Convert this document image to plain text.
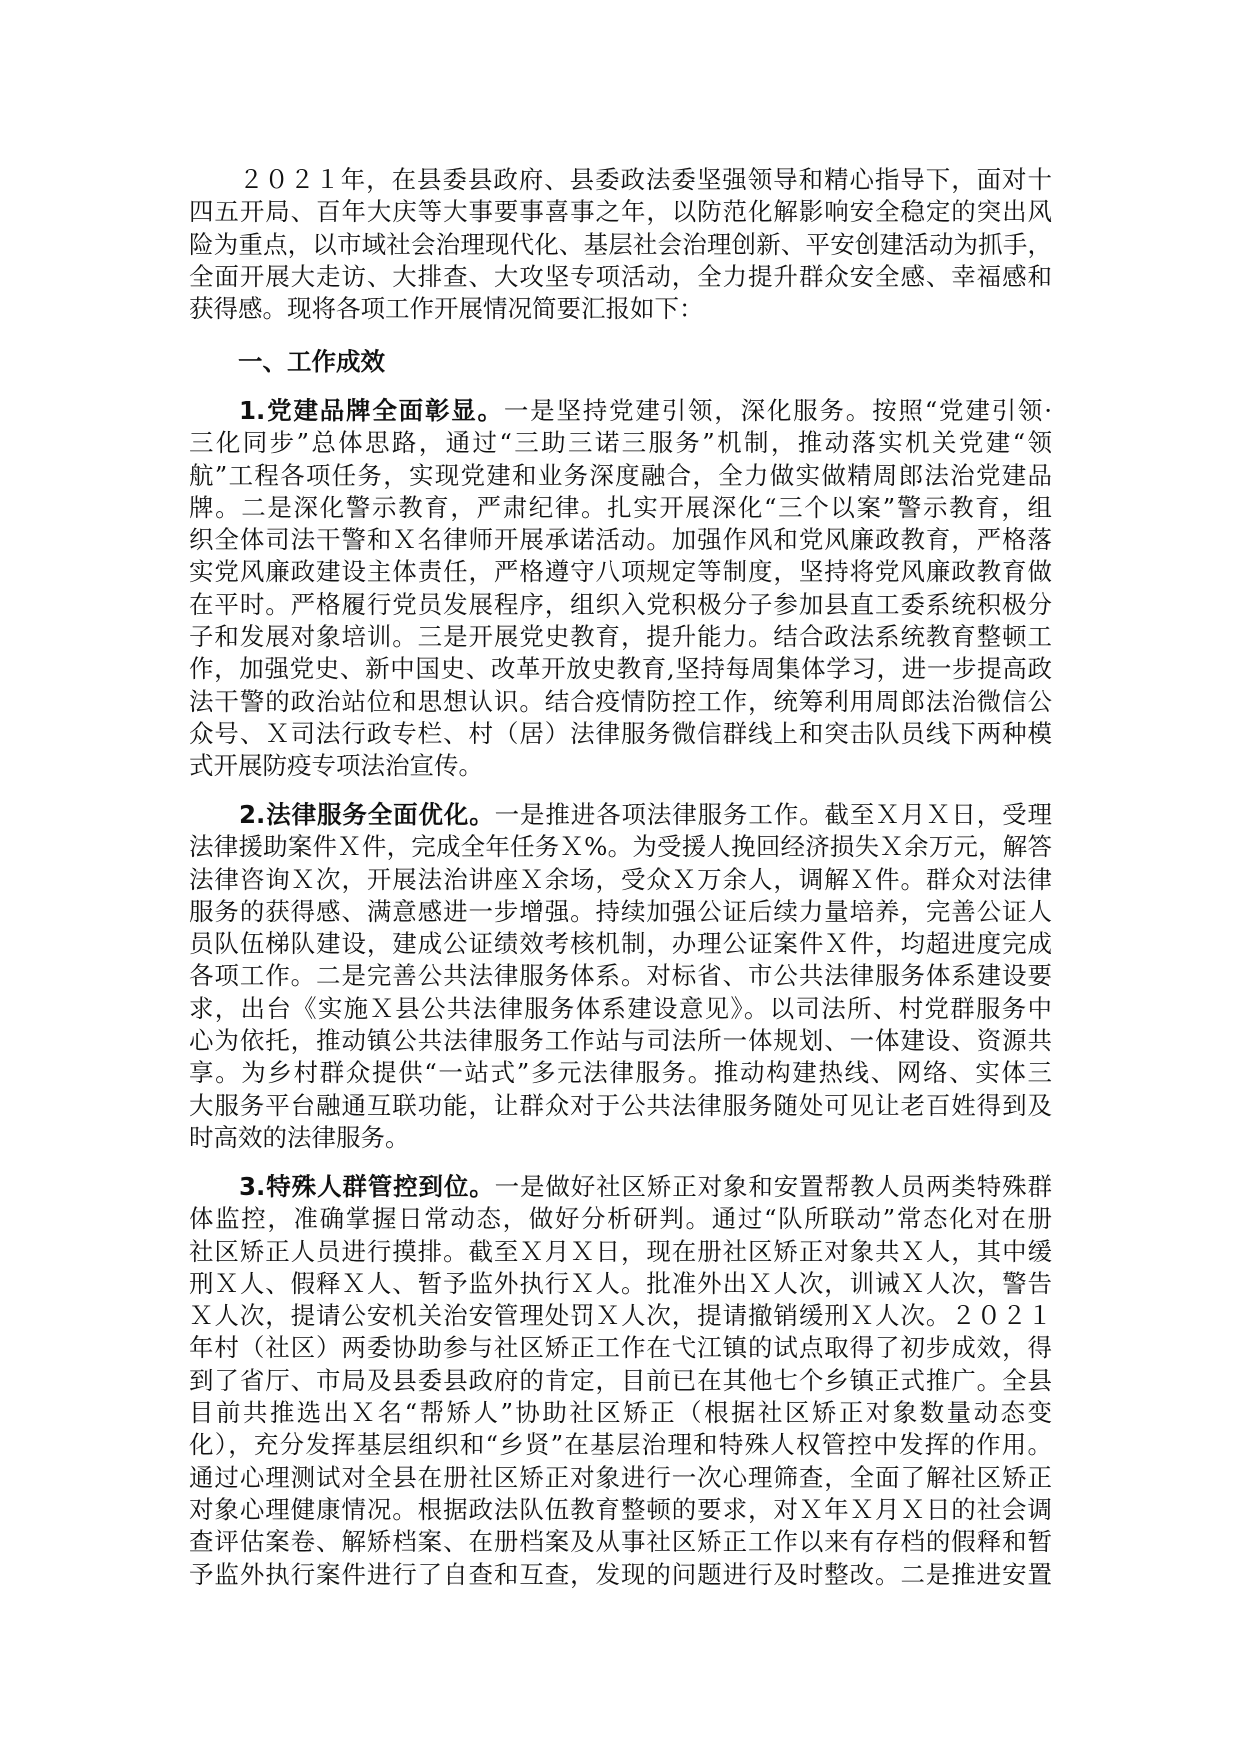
２０２１年，在县委县政府、县委政法委坚强领导和精心指导下，面对十
四五开局、百年大庆等大事要事喜事之年，以防范化解影响安全稳定的突出风
险为重点，以市域社会治理现代化、基层社会治理创新、平安创建活动为抓手，
全面开展大走访、大排查、大攻坚专项活动，全力提升群众安全感、幸福感和
获得感。现将各项工作开展情况简要汇报如下：
一、工作成效
1.党建品牌全面彰显。一是坚持党建引领，深化服务。按照“党建引领·
三化同步”总体思路，通过“三助三诺三服务”机制，推动落实机关党建“领
航”工程各项任务，实现党建和业务深度融合，全力做实做精周郎法治党建品
牌。二是深化警示教育，严肃纪律。扎实开展深化“三个以案”警示教育，组
织全体司法干警和Ｘ名律师开展承诺活动。加强作风和党风廉政教育，严格落
实党风廉政建设主体责任，严格遵守八项规定等制度，坚持将党风廉政教育做
在平时。严格履行党员发展程序，组织入党积极分子参加县直工委系统积极分
子和发展对象培训。三是开展党史教育，提升能力。结合政法系统教育整顿工
作，加强党史、新中国史、改革开放史教育,坚持每周集体学习，进一步提高政
法干警的政治站位和思想认识。结合疫情防控工作，统筹利用周郎法治微信公
众号、Ｘ司法行政专栏、村（居）法律服务微信群线上和突击队员线下两种模
式开展防疫专项法治宣传。
2.法律服务全面优化。一是推进各项法律服务工作。截至Ｘ月Ｘ日，受理
法律援助案件Ｘ件，完成全年任务Ｘ%。为受援人挽回经济损失Ｘ余万元，解答
法律咨询Ｘ次，开展法治讲座Ｘ余场，受众Ｘ万余人，调解Ｘ件。群众对法律
服务的获得感、满意感进一步增强。持续加强公证后续力量培养，完善公证人
员队伍梯队建设，建成公证绩效考核机制，办理公证案件Ｘ件，均超进度完成
各项工作。二是完善公共法律服务体系。对标省、市公共法律服务体系建设要
求，出台《实施Ｘ县公共法律服务体系建设意见》。以司法所、村党群服务中
心为依托，推动镇公共法律服务工作站与司法所一体规划、一体建设、资源共
享。为乡村群众提供“一站式”多元法律服务。推动构建热线、网络、实体三
大服务平台融通互联功能，让群众对于公共法律服务随处可见让老百姓得到及
时高效的法律服务。
3.特殊人群管控到位。一是做好社区矫正对象和安置帮教人员两类特殊群
体监控，准确掌握日常动态，做好分析研判。通过“队所联动”常态化对在册
社区矫正人员进行摸排。截至Ｘ月Ｘ日，现在册社区矫正对象共Ｘ人，其中缓
刑Ｘ人、假释Ｘ人、暂予监外执行Ｘ人。批准外出Ｘ人次，训诫Ｘ人次，警告
Ｘ人次，提请公安机关治安管理处罚Ｘ人次，提请撤销缓刑Ｘ人次。２０２１
年村（社区）两委协助参与社区矫正工作在弋江镇的试点取得了初步成效，得
到了省厅、市局及县委县政府的肯定，目前已在其他七个乡镇正式推广。全县
目前共推选出Ｘ名“帮矫人”协助社区矫正（根据社区矫正对象数量动态变
化），充分发挥基层组织和“乡贤”在基层治理和特殊人权管控中发挥的作用。
通过心理测试对全县在册社区矫正对象进行一次心理筛查，全面了解社区矫正
对象心理健康情况。根据政法队伍教育整顿的要求，对Ｘ年Ｘ月Ｘ日的社会调
查评估案卷、解矫档案、在册档案及从事社区矫正工作以来有存档的假释和暂
予监外执行案件进行了自查和互查，发现的问题进行及时整改。二是推进安置
